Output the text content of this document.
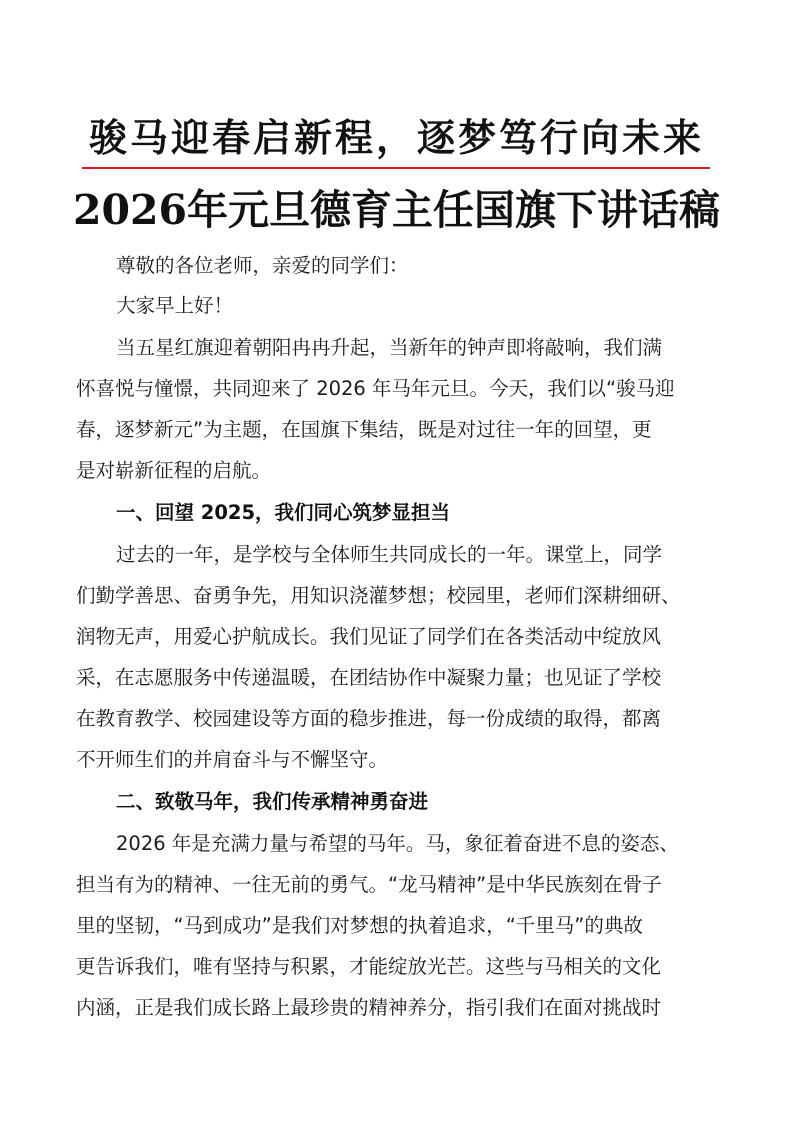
骏马迎春启新程，逐梦笃行向未来
2026年元旦德育主任国旗下讲话稿
尊敬的各位老师，亲爱的同学们：
大家早上好！
当五星红旗迎着朝阳冉冉升起，当新年的钟声即将敲响，我们满
怀喜悦与憧憬，共同迎来了 2026 年马年元旦。今天，我们以“骏马迎
春，逐梦新元”为主题，在国旗下集结，既是对过往一年的回望，更
是对崭新征程的启航。
一、回望 2025，我们同心筑梦显担当
过去的一年，是学校与全体师生共同成长的一年。课堂上，同学
们勤学善思、奋勇争先，用知识浇灌梦想；校园里，老师们深耕细研、
润物无声，用爱心护航成长。我们见证了同学们在各类活动中绽放风
采，在志愿服务中传递温暖，在团结协作中凝聚力量；也见证了学校
在教育教学、校园建设等方面的稳步推进，每一份成绩的取得，都离
不开师生们的并肩奋斗与不懈坚守。
二、致敬马年，我们传承精神勇奋进
2026 年是充满力量与希望的马年。马，象征着奋进不息的姿态、
担当有为的精神、一往无前的勇气。“龙马精神”是中华民族刻在骨子
里的坚韧，“马到成功”是我们对梦想的执着追求，“千里马”的典故
更告诉我们，唯有坚持与积累，才能绽放光芒。这些与马相关的文化
内涵，正是我们成长路上最珍贵的精神养分，指引我们在面对挑战时
